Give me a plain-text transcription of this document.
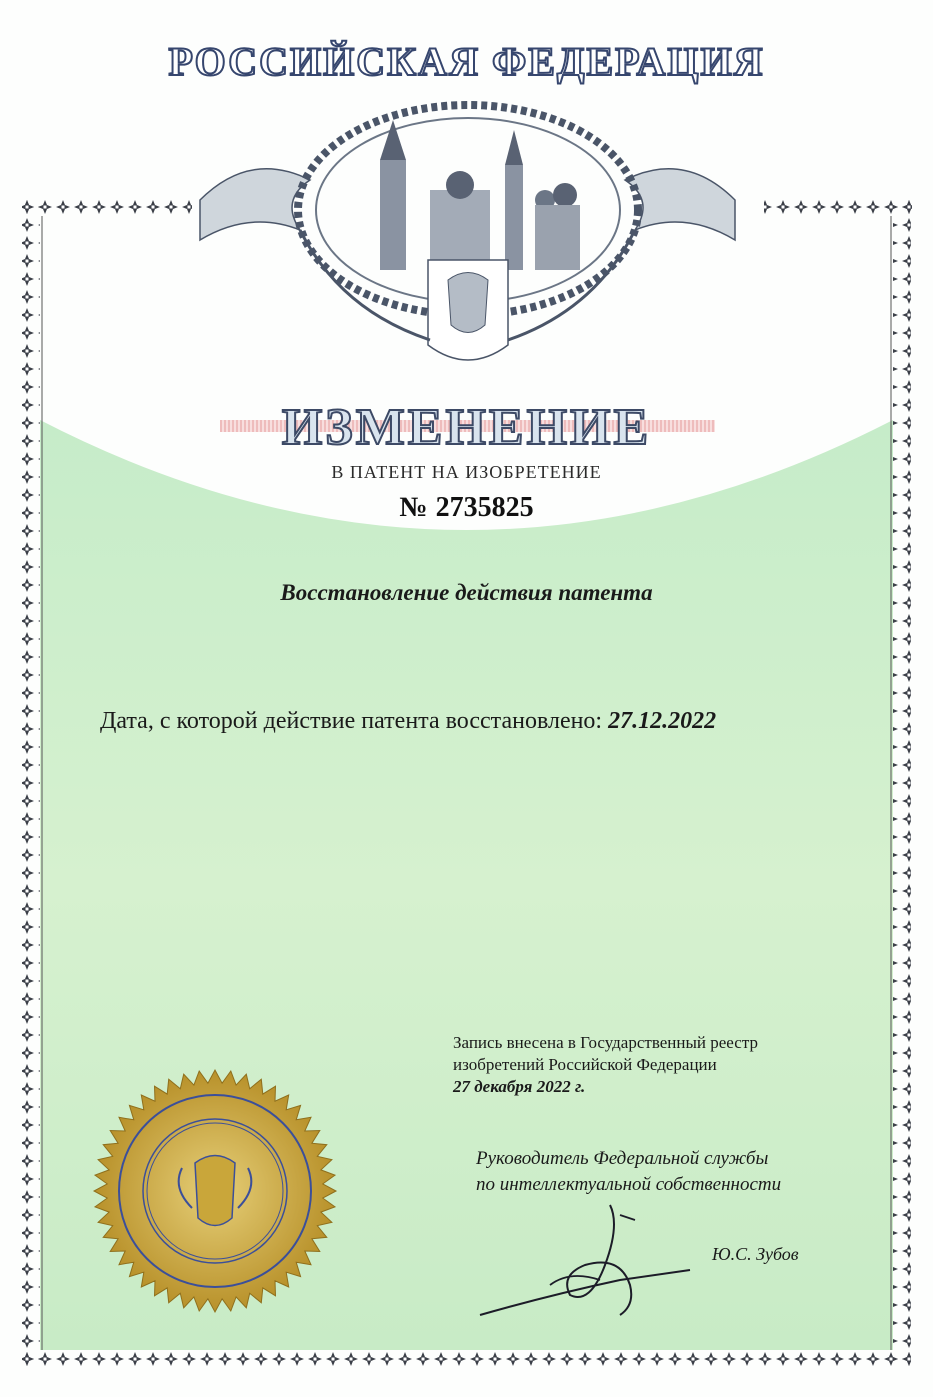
РОССИЙСКАЯ ФЕДЕРАЦИЯ
ИЗМЕНЕНИЕ
В ПАТЕНТ НА ИЗОБРЕТЕНИЕ
№ 2735825
Восстановление действия патента
Дата, с которой действие патента восстановлено: 27.12.2022
Запись внесена в Государственный реестр
изобретений Российской Федерации
27 декабря 2022 г.
Руководитель Федеральной службы
по интеллектуальной собственности
Ю.С. Зубов
